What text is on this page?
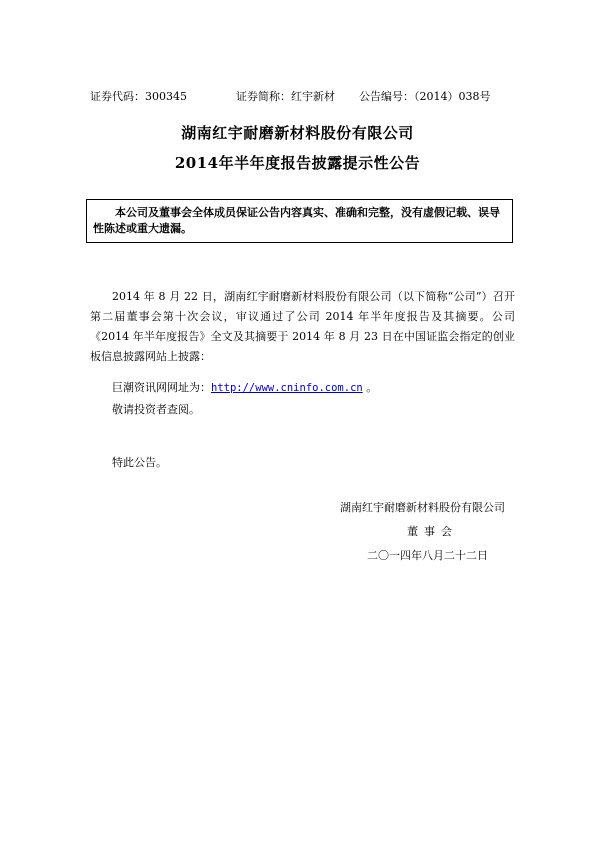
证券代码：300345	证券简称：红宇新材 公告编号：（2014）038号
湖南红宇耐磨新材料股份有限公司
2014年半年度报告披露提示性公告
本公司及董事会全体成员保证公告内容真实、准确和完整，没有虚假记载、误导性陈述或重大遗漏。
2014 年 8 月 22 日，湖南红宇耐磨新材料股份有限公司（以下简称“公司”）召开第二届董事会第十次会议，审议通过了公司 2014 年半年度报告及其摘要。公司《2014 年半年度报告》全文及其摘要于 2014 年 8 月 23 日在中国证监会指定的创业板信息披露网站上披露：
巨潮资讯网网址为：http://www.cninfo.com.cn 。
敬请投资者查阅。
特此公告。
湖南红宇耐磨新材料股份有限公司
董事会
二〇一四年八月二十二日
